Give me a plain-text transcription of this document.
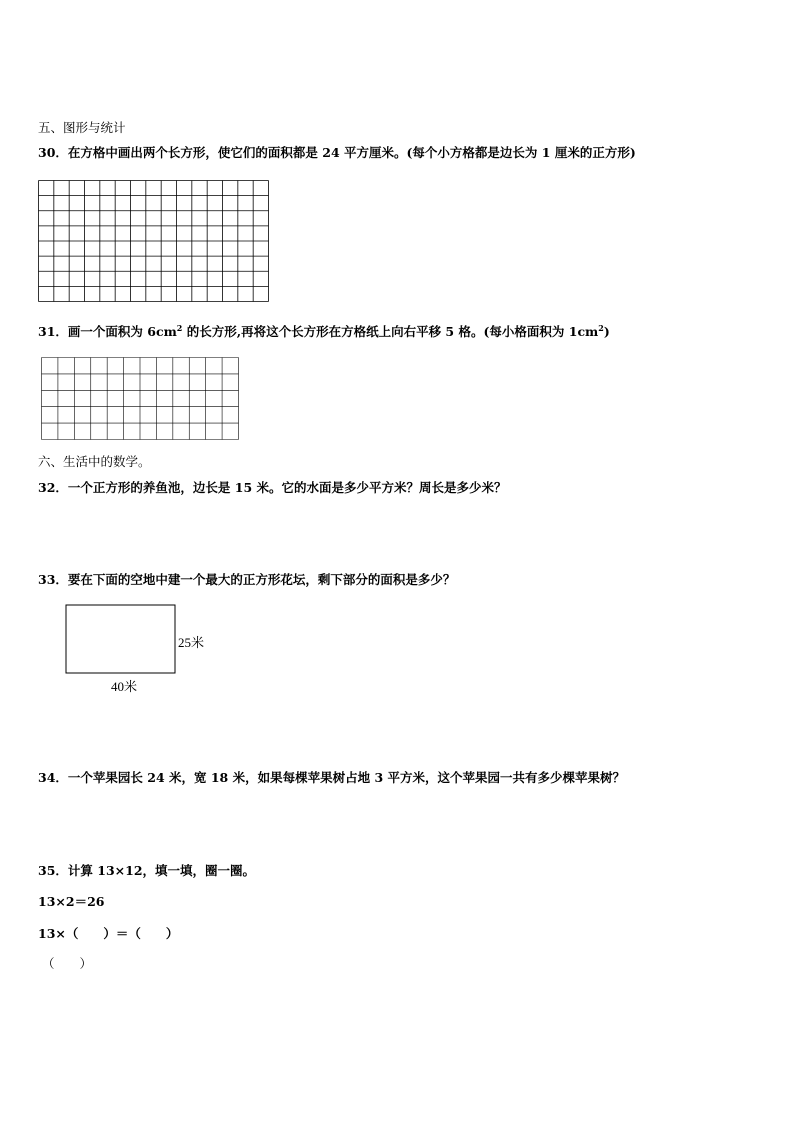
五、图形与统计
30．在方格中画出两个长方形，使它们的面积都是 24 平方厘米。(每个小方格都是边长为 1 厘米的正方形)
31．画一个面积为 $6cm^2$ 的长方形,再将这个长方形在方格纸上向右平移 5 格。(每小格面积为 $1cm^2$)
六、生活中的数学。
32．一个正方形的养鱼池，边长是 15 米。它的水面是多少平方米？周长是多少米？
33．要在下面的空地中建一个最大的正方形花坛，剩下部分的面积是多少？
25米
40米
34．一个苹果园长 24 米，宽 18 米，如果每棵苹果树占地 3 平方米，这个苹果园一共有多少棵苹果树？
35．计算 13×12，填一填，圈一圈。
13×2＝26
13×（　　）＝（　　）
（　　）
